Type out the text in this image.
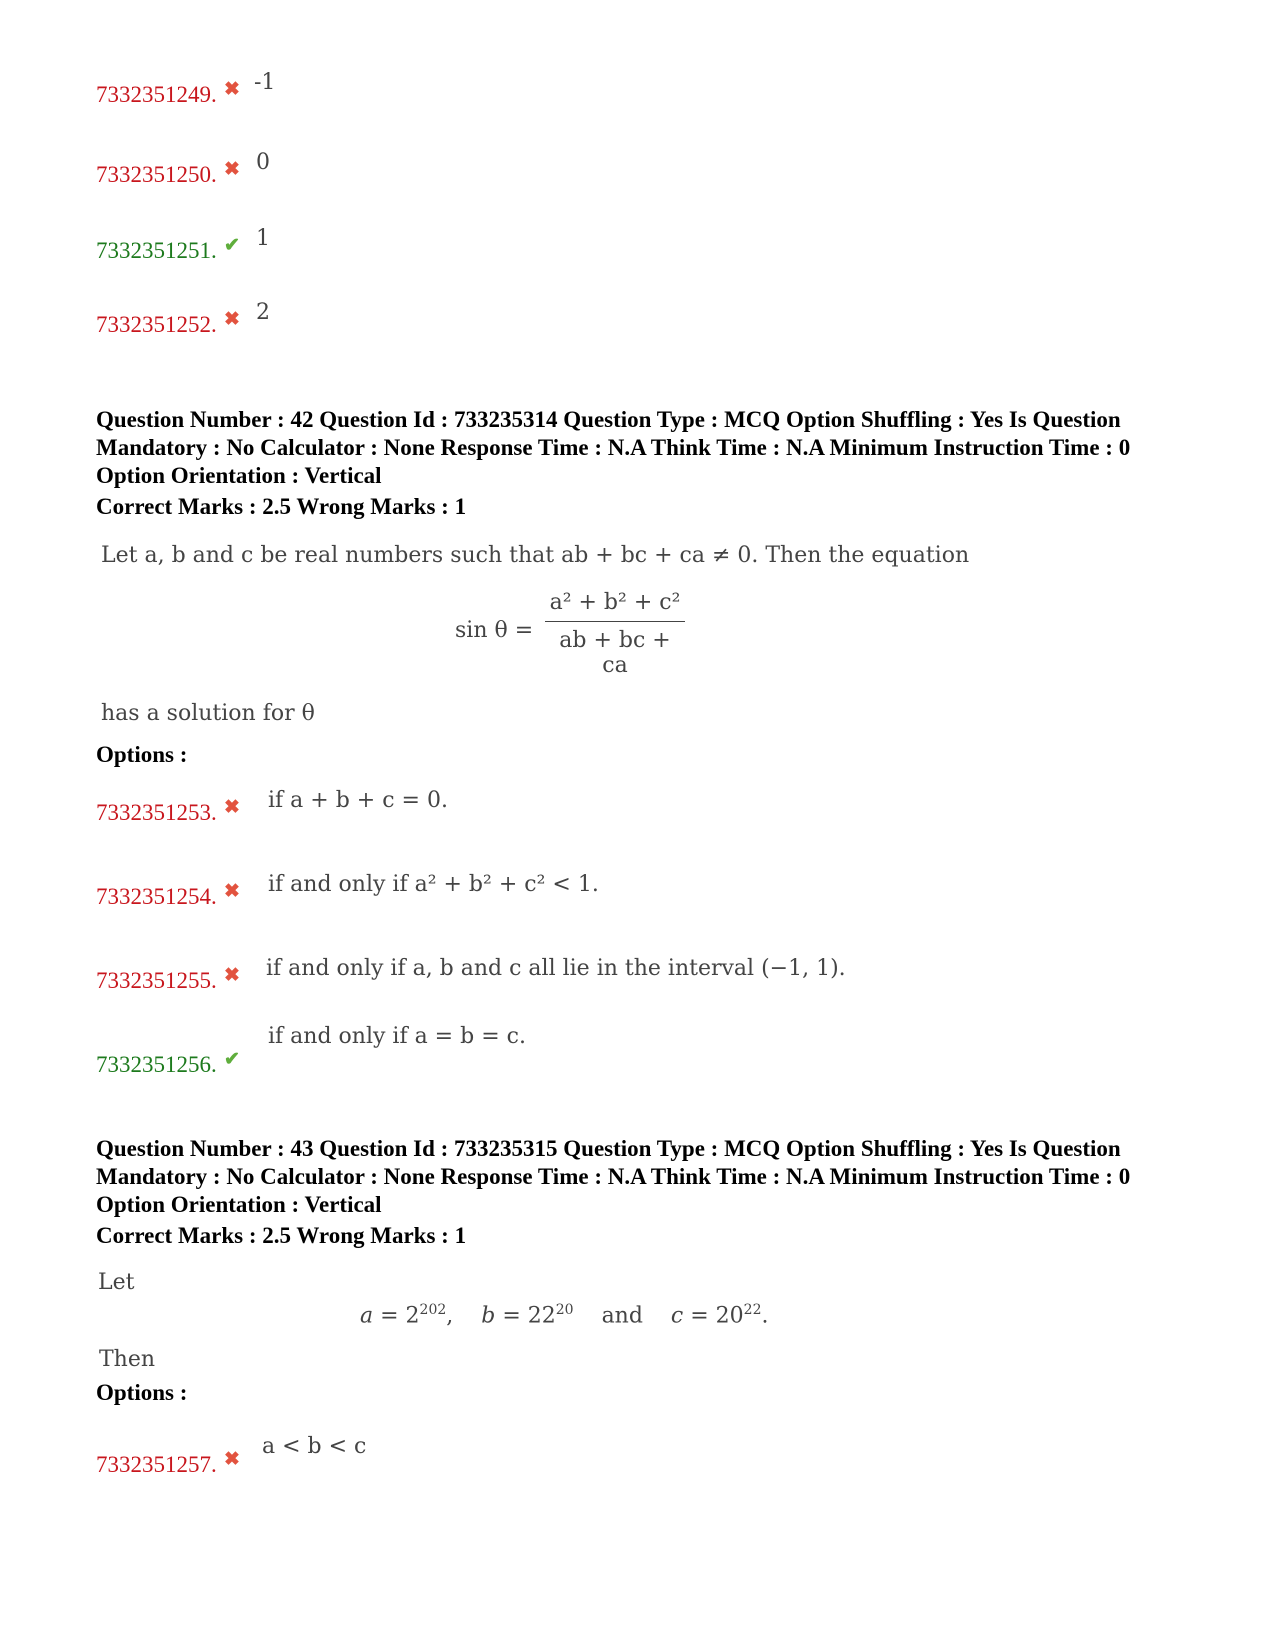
7332351249. ✖ -1
7332351250. ✖ 0
7332351251. ✔ 1
7332351252. ✖ 2
Question Number : 42 Question Id : 733235314 Question Type : MCQ Option Shuffling : Yes Is Question Mandatory : No Calculator : None Response Time : N.A Think Time : N.A Minimum Instruction Time : 0 Option Orientation : Vertical
Correct Marks : 2.5 Wrong Marks : 1
Let a, b and c be real numbers such that ab + bc + ca ≠ 0. Then the equation
sin θ =
a² + b² + c²
ab + bc + ca
has a solution for θ
Options :
7332351253. ✖ if a + b + c = 0.
7332351254. ✖ if and only if a² + b² + c² < 1.
7332351255. ✖ if and only if a, b and c all lie in the interval (−1, 1).
7332351256. ✔
if and only if a = b = c.
Question Number : 43 Question Id : 733235315 Question Type : MCQ Option Shuffling : Yes Is Question Mandatory : No Calculator : None Response Time : N.A Think Time : N.A Minimum Instruction Time : 0 Option Orientation : Vertical
Correct Marks : 2.5 Wrong Marks : 1
Let
$a = 2^{202}$,    $b = 22^{20}$    and    $c = 20^{22}$.
Then
Options :
7332351257. ✖
a < b < c
